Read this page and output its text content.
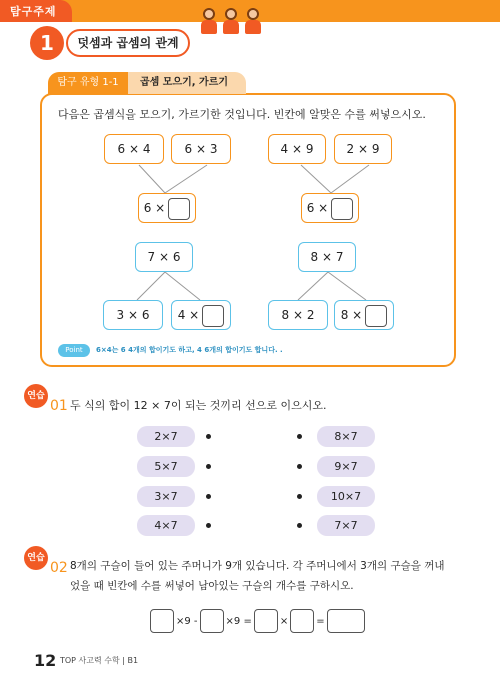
탐구주제
1	덧셈과 곱셈의 관계
탐구 유형 1-1	곱셈 모으기, 가르기
다음은 곱셈식을 모으기, 가르기한 것입니다. 빈칸에 알맞은 수를 써넣으시오.
6 × 4	6 × 3
6 ×
4 × 9	2 × 9
6 ×
7 × 6
3 × 6	4 ×
8 × 7
8 × 2	8 ×
Point	6×4는 6 4개의 합이기도 하고, 4 6개의 합이기도 합니다. .
연습
01 두 식의 합이 12 × 7이 되는 것끼리 선으로 이으시오.
2×7
5×7
3×7
4×7
8×7
9×7
10×7
7×7
연습
02 8개의 구슬이 들어 있는 주머니가 9개 있습니다. 각 주머니에서 3개의 구슬을 꺼내
었을 때 빈칸에 수를 써넣어 남아있는 구슬의 개수를 구하시오.
×9 -	×9 =	×	=
12 TOP 사고력 수학 | B1
